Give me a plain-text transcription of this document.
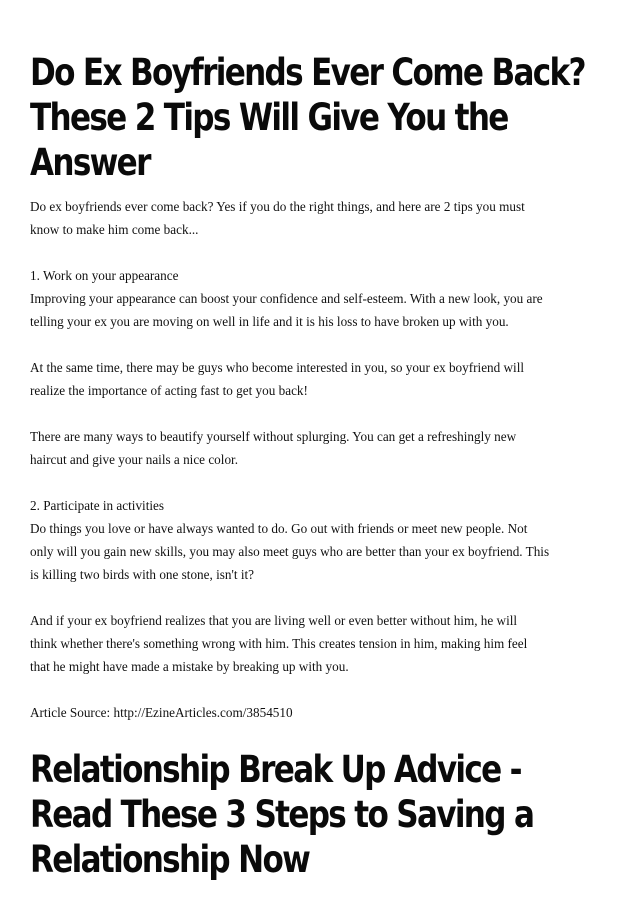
Do Ex Boyfriends Ever Come Back?
These 2 Tips Will Give You the
Answer

Do ex boyfriends ever come back? Yes if you do the right things, and here are 2 tips you must
know to make him come back...

1. Work on your appearance
Improving your appearance can boost your confidence and self-esteem. With a new look, you are
telling your ex you are moving on well in life and it is his loss to have broken up with you.

At the same time, there may be guys who become interested in you, so your ex boyfriend will
realize the importance of acting fast to get you back!

There are many ways to beautify yourself without splurging. You can get a refreshingly new
haircut and give your nails a nice color.

2. Participate in activities
Do things you love or have always wanted to do. Go out with friends or meet new people. Not
only will you gain new skills, you may also meet guys who are better than your ex boyfriend. This
is killing two birds with one stone, isn't it?

And if your ex boyfriend realizes that you are living well or even better without him, he will
think whether there's something wrong with him. This creates tension in him, making him feel
that he might have made a mistake by breaking up with you.

Article Source: http://EzineArticles.com/3854510

Relationship Break Up Advice -
Read These 3 Steps to Saving a
Relationship Now
